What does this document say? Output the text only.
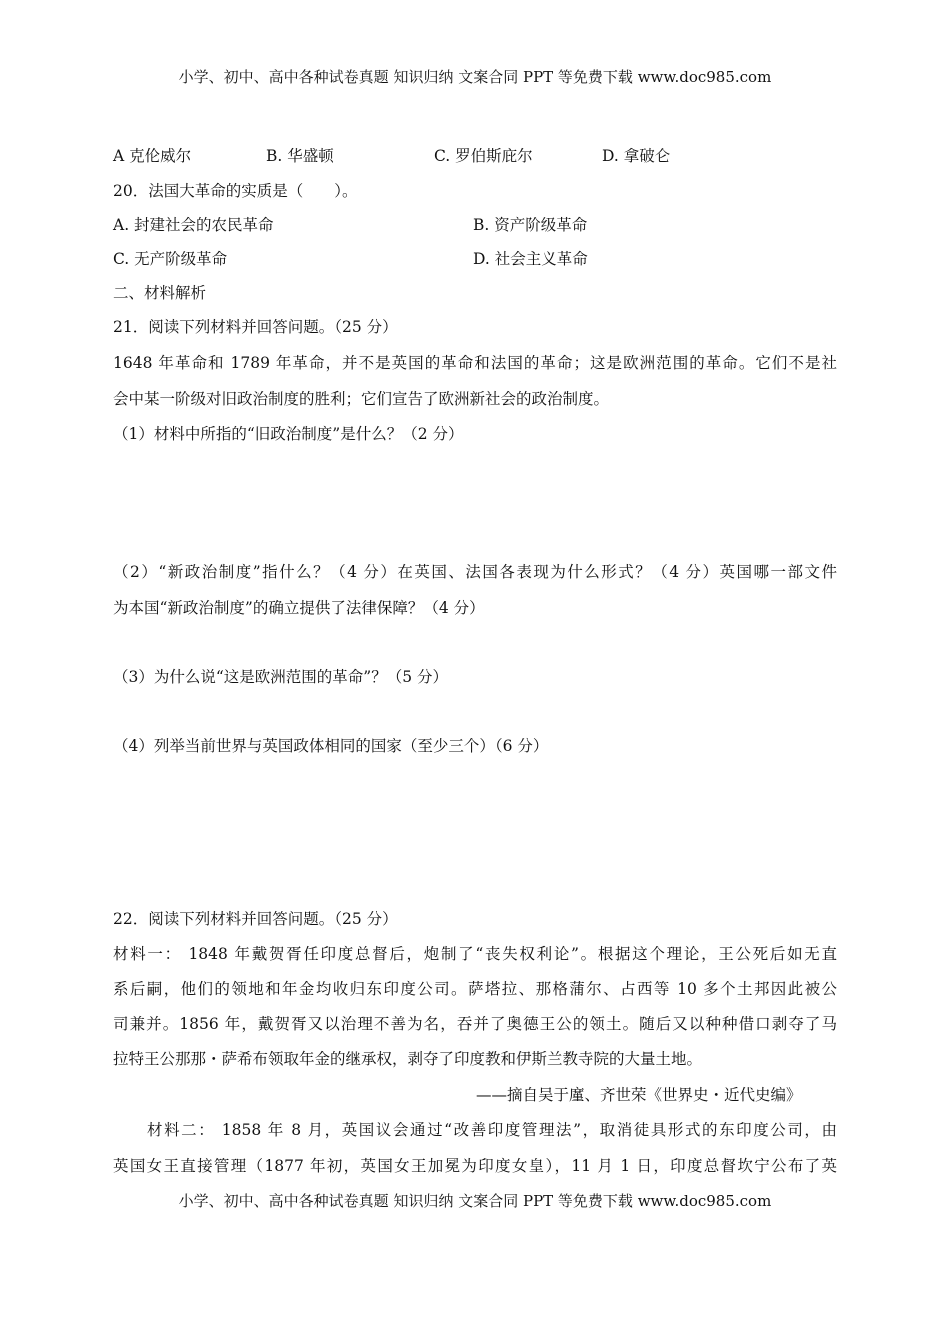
小学、初中、高中各种试卷真题 知识归纳 文案合同 PPT 等免费下载 www.doc985.com
A 克伦威尔	B. 华盛顿	C. 罗伯斯庇尔	D. 拿破仑
20．法国大革命的实质是（　　）。
A. 封建社会的农民革命	B. 资产阶级革命
C. 无产阶级革命	D. 社会主义革命
二、材料解析
21．阅读下列材料并回答问题。（25 分）
1648 年革命和 1789 年革命，并不是英国的革命和法国的革命；这是欧洲范围的革命。它们不是社
会中某一阶级对旧政治制度的胜利；它们宣告了欧洲新社会的政治制度。
（1）材料中所指的“旧政治制度”是什么？（2 分）
（2）“新政治制度”指什么？（4 分）在英国、法国各表现为什么形式？（4 分）英国哪一部文件
为本国“新政治制度”的确立提供了法律保障？（4 分）
（3）为什么说“这是欧洲范围的革命”？（5 分）
（4）列举当前世界与英国政体相同的国家（至少三个）（6 分）
22．阅读下列材料并回答问题。（25 分）
材料一： 1848 年戴贺胥任印度总督后，炮制了“丧失权利论”。根据这个理论，王公死后如无直
系后嗣，他们的领地和年金均收归东印度公司。萨塔拉、那格蒲尔、占西等 10 多个土邦因此被公
司兼并。1856 年，戴贺胥又以治理不善为名，吞并了奥德王公的领土。随后又以种种借口剥夺了马
拉特王公那那・萨希布领取年金的继承权，剥夺了印度教和伊斯兰教寺院的大量土地。
——摘自吴于廑、齐世荣《世界史・近代史编》
材料二： 1858 年 8 月，英国议会通过“改善印度管理法”，取消徒具形式的东印度公司，由
英国女王直接管理（1877 年初，英国女王加冕为印度女皇），11 月 1 日，印度总督坎宁公布了英
小学、初中、高中各种试卷真题 知识归纳 文案合同 PPT 等免费下载 www.doc985.com
